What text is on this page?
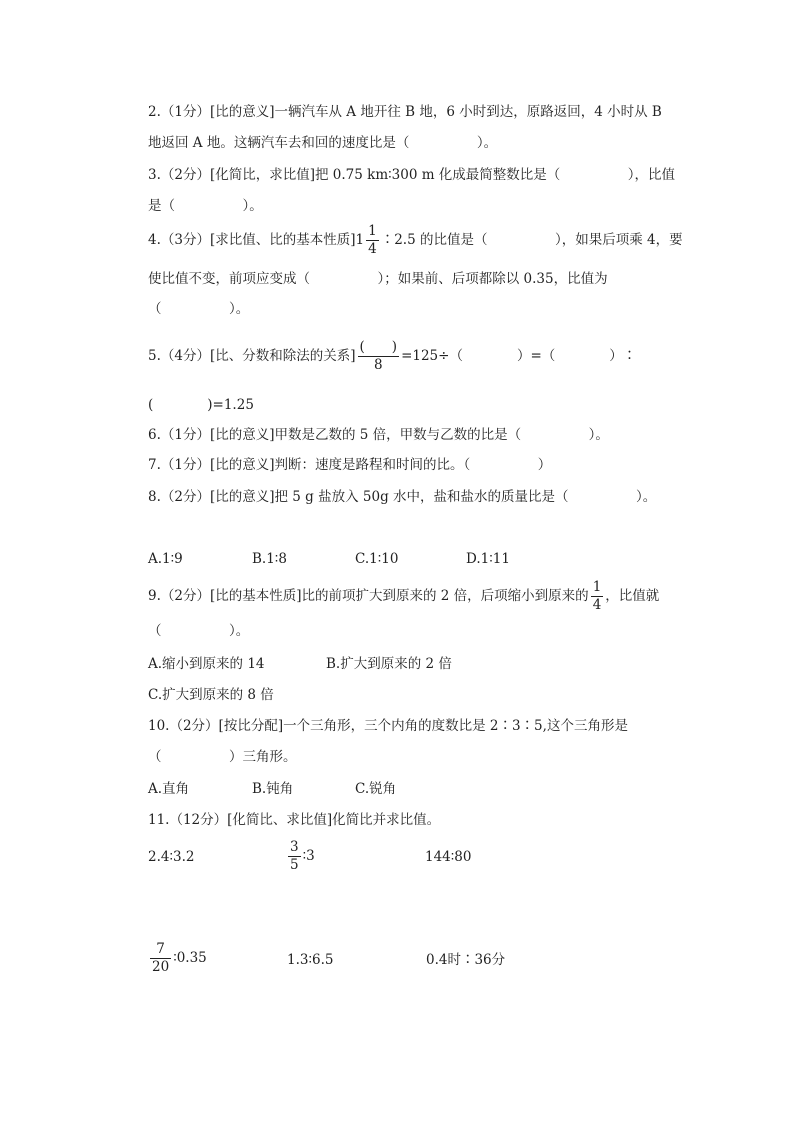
2.（1分）[比的意义]一辆汽车从 A 地开往 B 地，6 小时到达，原路返回，4 小时从 B
地返回 A 地。这辆汽车去和回的速度比是（　　　　　）。
3.（2分）[化简比，求比值]把 0.75 km∶300 m 化成最简整数比是（　　　　　），比值
是（　　　　　）。
4.（3分）[求比值、比的基本性质]$1 \frac{1}{4}$ ∶2.5 的比值是（　　　　　），如果后项乘 4，要
使比值不变，前项应变成（　　　　　）；如果前、后项都除以 0.35，比值为
（　　　　　）。
5.（4分）[比、分数和除法的关系] $\frac{( )}{8} =125\div$（　　　　）=（　　　　）∶
(　　　　)=1.25
6.（1分）[比的意义]甲数是乙数的 5 倍，甲数与乙数的比是（　　　　　）。
7.（1分）[比的意义]判断：速度是路程和时间的比。（　　　　　）
8.（2分）[比的意义]把 5 g 盐放入 50g 水中，盐和盐水的质量比是（　　　　　）。
A.1∶9	B.1∶8	C.1∶10	D.1∶11
9.（2分）[比的基本性质]比的前项扩大到原来的 2 倍，后项缩小到原来的 $\frac{1}{4}$ ，比值就
（　　　　　）。
A.缩小到原来的 14	B.扩大到原来的 2 倍
C.扩大到原来的 8 倍
10.（2分）[按比分配]一个三角形，三个内角的度数比是 2∶3∶5,这个三角形是
（　　　　　）三角形。
A.直角	B.钝角	C.锐角
11.（12分）[化简比、求比值]化简比并求比值。
2.4∶3.2	$\frac{3}{5}$ ∶3	144∶80
$\frac{7}{20}$ ∶0.35	1.3∶6.5	0.4时∶36分
